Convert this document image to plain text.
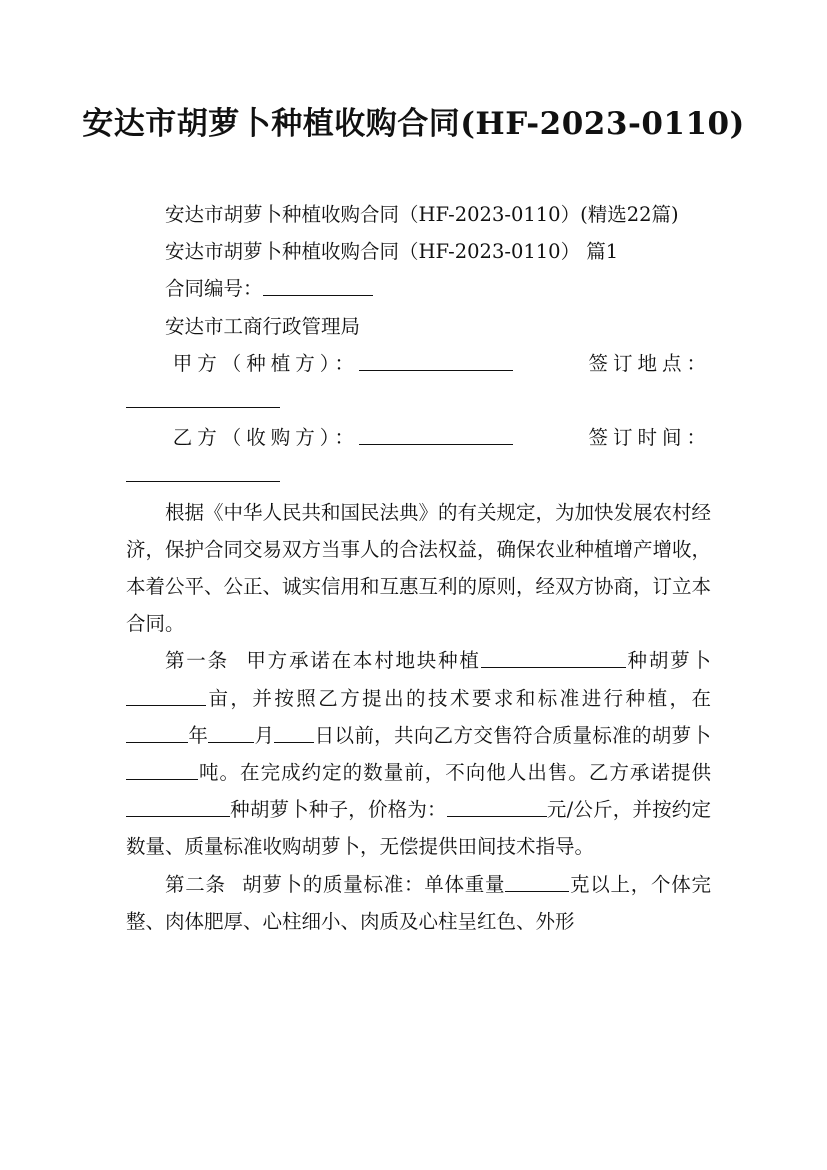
安达市胡萝卜种植收购合同(HF-2023-0110)

安达市胡萝卜种植收购合同（HF-2023-0110）(精选22篇)

安达市胡萝卜种植收购合同（HF-2023-0110） 篇1

合同编号：

安达市工商行政管理局

甲方（种植方）：	签订地点：
乙方（收购方）：	签订时间：

根据《中华人民共和国民法典》的有关规定，为加快发展农村经济，保护合同交易双方当事人的合法权益，确保农业种植增产增收，本着公平、公正、诚实信用和互惠互利的原则，经双方协商，订立本合同。

第一条 甲方承诺在本村地块种植	种胡萝卜亩，并按照乙方提出的技术要求和标准进行种植，在年 月 日以前，共向乙方交售符合质量标准的胡萝卜吨。在完成约定的数量前，不向他人出售。乙方承诺提供种胡萝卜种子，价格为：	元/公斤，并按约定数量、质量标准收购胡萝卜，无偿提供田间技术指导。

第二条 胡萝卜的质量标准：单体重量	克以上，个体完整、肉体肥厚、心柱细小、肉质及心柱呈红色、外形
